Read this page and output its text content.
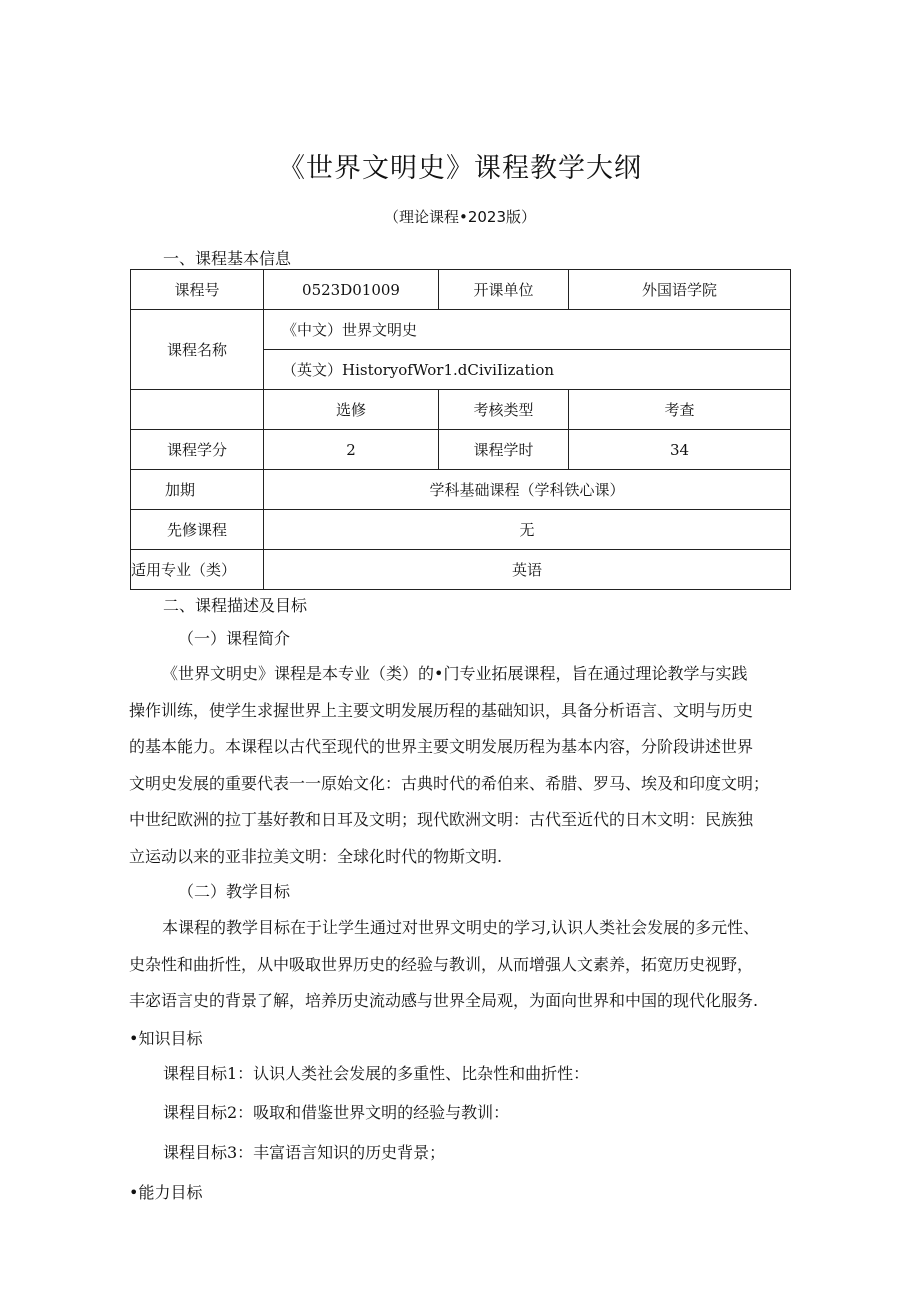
《世界文明史》课程教学大纲
（理论课程•2023版）
一、课程基本信息
课程号	0523D01009	开课单位	外国语学院
课程名称	《中文）世界文明史		
	（英文）HistoryofWor1.dCiviIization		
	选修	考核类型	考查
课程学分	2	课程学时	34
加期	学科基础课程（学科铁心课）		
先修课程	无		
适用专业（类）	英语		
二、课程描述及目标
（一）课程简介

《世界文明史》课程是本专业（类）的•门专业拓展课程，旨在通过理论教学与实践

操作训练，使学生求握世界上主要文明发展历程的基础知识，具备分析语言、文明与历史

的基本能力。本课程以古代至现代的世界主要文明发展历程为基本内容，分阶段讲述世界

文明史发展的重要代表一一原始文化：古典时代的希伯来、希腊、罗马、埃及和印度文明；

中世纪欧洲的拉丁基好教和日耳及文明；现代欧洲文明：古代至近代的日木文明：民族独

立运动以来的亚非拉美文明：全球化时代的物斯文明.

（二）教学目标

本课程的教学目标在于让学生通过对世界文明史的学习,认识人类社会发展的多元性、

史杂性和曲折性，从中吸取世界历史的经验与教训，从而增强人文素养，拓宽历史视野，

丰宓语言史的背景了解，培养历史流动感与世界全局观，为面向世界和中国的现代化服务.

•知识目标
课程目标1：认识人类社会发展的多重性、比杂性和曲折性：
课程目标2：吸取和借鉴世界文明的经验与教训：
课程目标3：丰富语言知识的历史背景；
•能力目标
